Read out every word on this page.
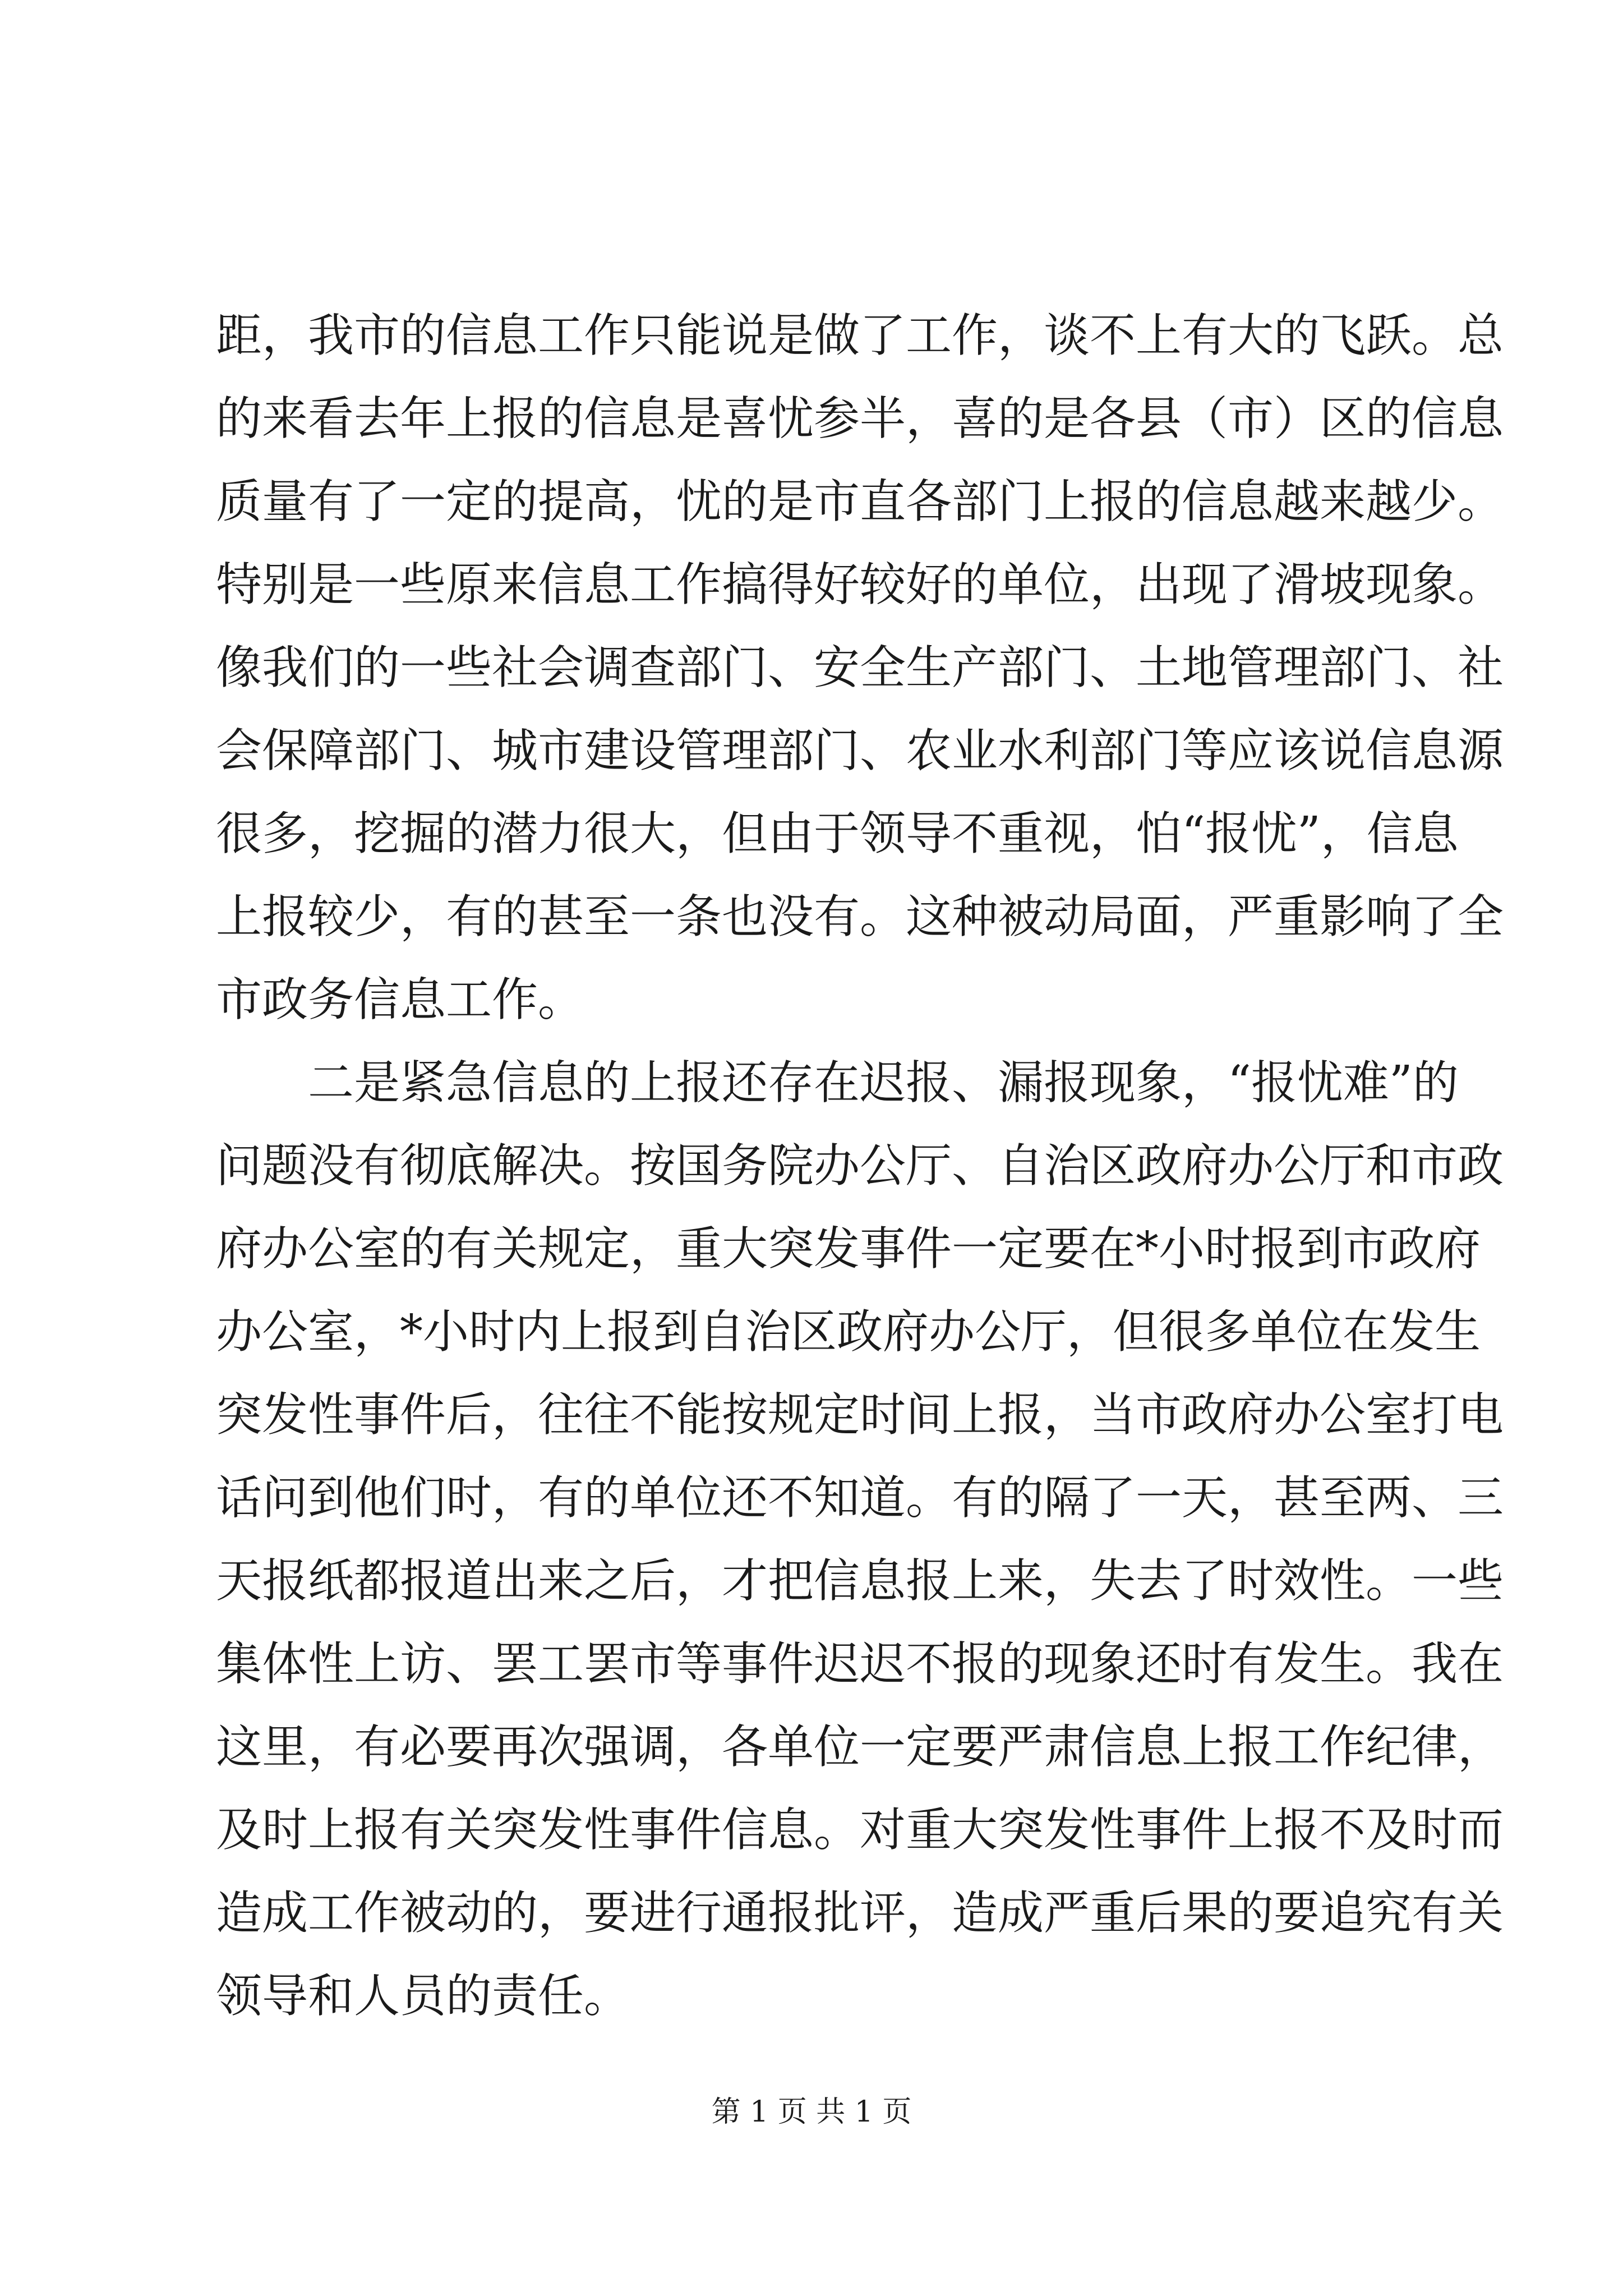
距，我市的信息工作只能说是做了工作，谈不上有大的飞跃。总
的来看去年上报的信息是喜忧参半，喜的是各县（市）区的信息
质量有了一定的提高，忧的是市直各部门上报的信息越来越少。
特别是一些原来信息工作搞得好较好的单位，出现了滑坡现象。
像我们的一些社会调查部门、安全生产部门、土地管理部门、社
会保障部门、城市建设管理部门、农业水利部门等应该说信息源
很多，挖掘的潜力很大，但由于领导不重视，怕“报忧”，信息
上报较少，有的甚至一条也没有。这种被动局面，严重影响了全
市政务信息工作。
二是紧急信息的上报还存在迟报、漏报现象，“报忧难”的
问题没有彻底解决。按国务院办公厅、自治区政府办公厅和市政
府办公室的有关规定，重大突发事件一定要在*小时报到市政府
办公室，*小时内上报到自治区政府办公厅，但很多单位在发生
突发性事件后，往往不能按规定时间上报，当市政府办公室打电
话问到他们时，有的单位还不知道。有的隔了一天，甚至两、三
天报纸都报道出来之后，才把信息报上来，失去了时效性。一些
集体性上访、罢工罢市等事件迟迟不报的现象还时有发生。我在
这里，有必要再次强调，各单位一定要严肃信息上报工作纪律，
及时上报有关突发性事件信息。对重大突发性事件上报不及时而
造成工作被动的，要进行通报批评，造成严重后果的要追究有关
领导和人员的责任。
第 1 页 共 1 页
